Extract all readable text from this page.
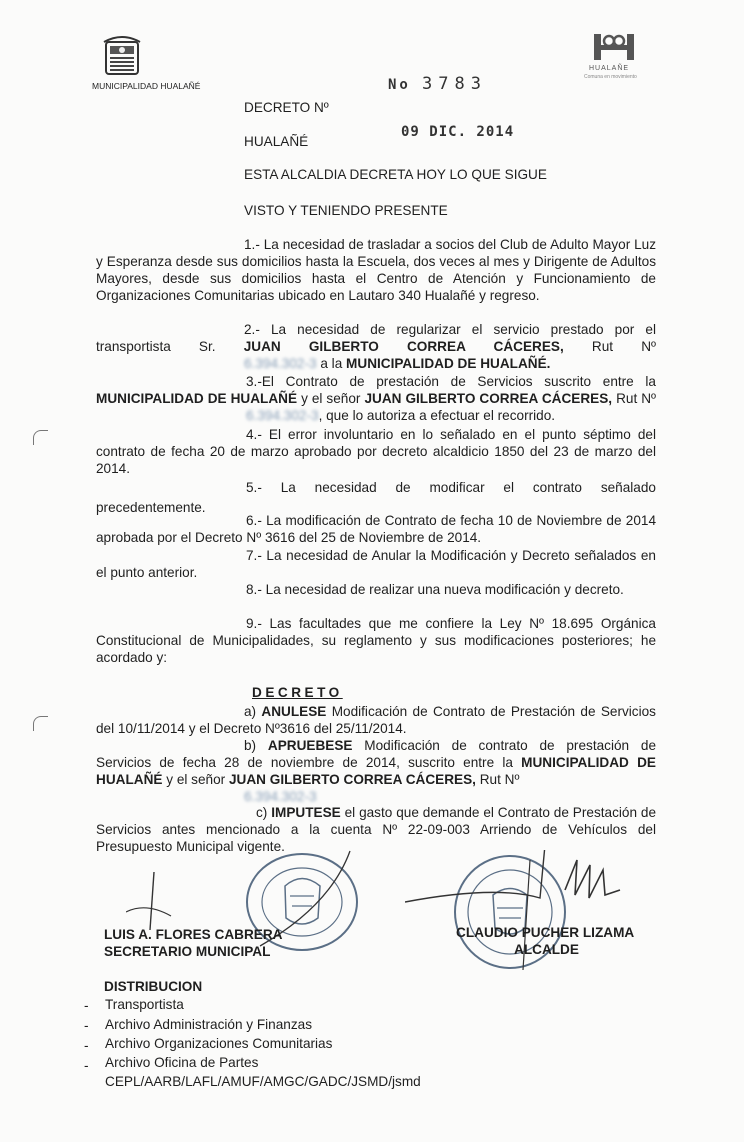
MUNICIPALIDAD HUALAÑÉ
HUALAÑE
Comuna en movimiento
No 3783
09 DIC. 2014
DECRETO Nº
HUALAÑÉ
ESTA ALCALDIA DECRETA HOY LO QUE SIGUE
VISTO Y TENIENDO PRESENTE
1.- La necesidad de trasladar a socios del Club de Adulto Mayor Luz y Esperanza desde sus domicilios hasta la Escuela, dos veces al mes y Dirigente de Adultos Mayores, desde sus domicilios hasta el Centro de Atención y Funcionamiento de Organizaciones Comunitarias ubicado en Lautaro 340 Hualañé y regreso.
2.- La necesidad de regularizar el servicio prestado por el transportista Sr. JUAN GILBERTO CORREA CÁCERES, Rut Nº 6.394.302-3 a la MUNICIPALIDAD DE HUALAÑÉ.
3.-El Contrato de prestación de Servicios suscrito entre la MUNICIPALIDAD DE HUALAÑÉ y el señor JUAN GILBERTO CORREA CÁCERES, Rut Nº6.394.302-3, que lo autoriza a efectuar el recorrido.
4.- El error involuntario en lo señalado en el punto séptimo del contrato de fecha 20 de marzo aprobado por decreto alcaldicio 1850 del 23 de marzo del 2014.
5.- La necesidad de modificar el contrato señalado precedentemente.
6.- La modificación de Contrato de fecha 10 de Noviembre de 2014 aprobada por el Decreto Nº 3616 del 25 de Noviembre de 2014.
7.- La necesidad de Anular la Modificación y Decreto señalados en el punto anterior.
8.- La necesidad de realizar una nueva modificación y decreto.
9.- Las facultades que me confiere la Ley Nº 18.695 Orgánica Constitucional de Municipalidades, su reglamento y sus modificaciones posteriores; he acordado y:
DECRETO
a) ANULESE Modificación de Contrato de Prestación de Servicios del 10/11/2014 y el Decreto Nº3616 del 25/11/2014.
b) APRUEBESE Modificación de contrato de prestación de Servicios de fecha 28 de noviembre de 2014, suscrito entre la MUNICIPALIDAD DE HUALAÑÉ y el señor JUAN GILBERTO CORREA CÁCERES, Rut Nº
6.394.302-3
c) IMPUTESE el gasto que demande el Contrato de Prestación de Servicios antes mencionado a la cuenta Nº 22-09-003 Arriendo de Vehículos del Presupuesto Municipal vigente.
LUIS A. FLORES CABRERA
SECRETARIO MUNICIPAL
CLAUDIO PUCHER LIZAMA
ALCALDE
DISTRIBUCION
- Transportista
- Archivo Administración y Finanzas
- Archivo Organizaciones Comunitarias
- Archivo Oficina de Partes
CEPL/AARB/LAFL/AMUF/AMGC/GADC/JSMD/jsmd
